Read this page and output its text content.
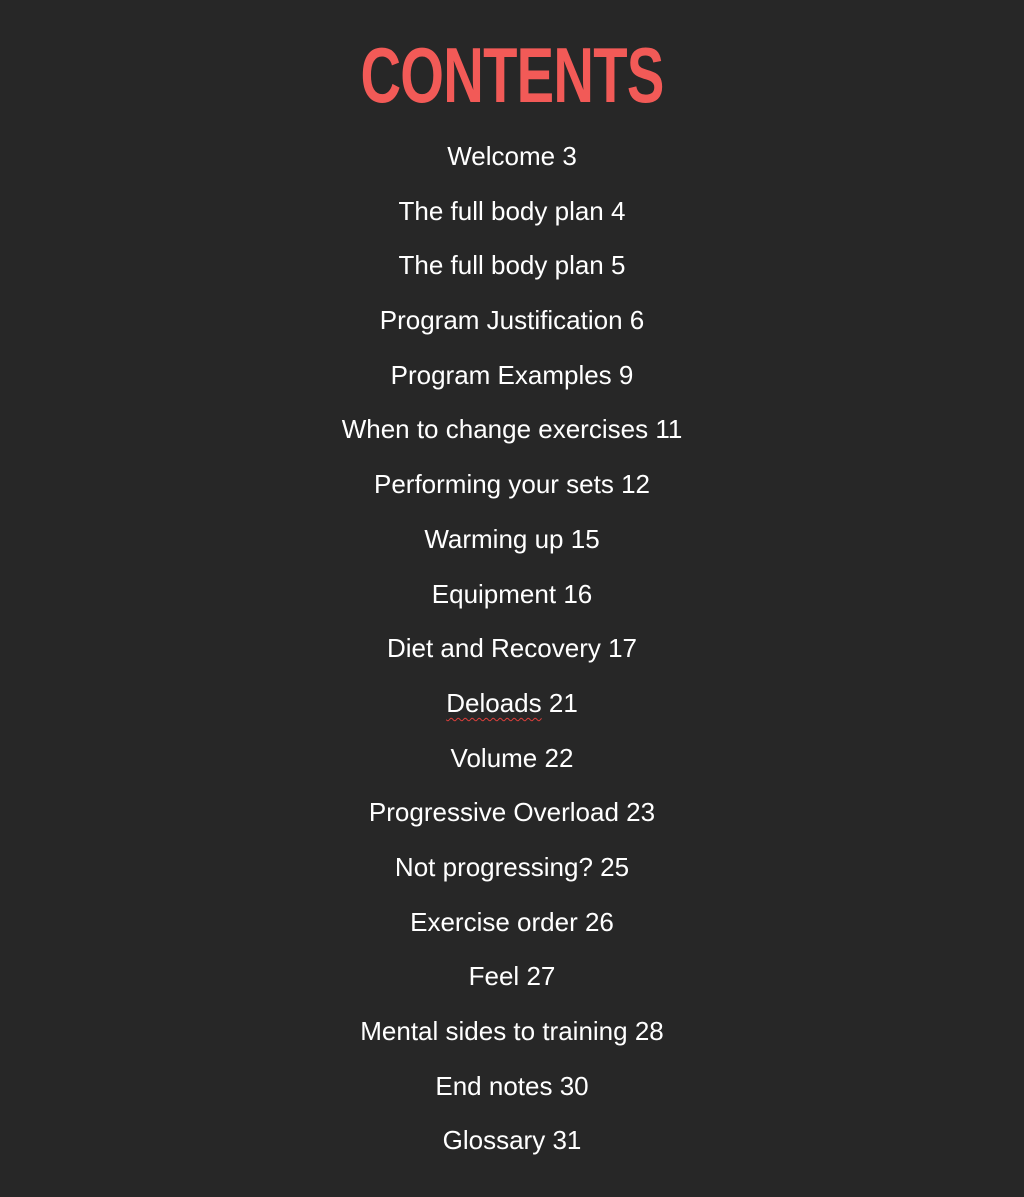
CONTENTS
Welcome 3
The full body plan 4
The full body plan 5
Program Justification 6
Program Examples 9
When to change exercises 11
Performing your sets 12
Warming up 15
Equipment 16
Diet and Recovery 17
Deloads 21
Volume 22
Progressive Overload 23
Not progressing? 25
Exercise order 26
Feel 27
Mental sides to training 28
End notes 30
Glossary 31
